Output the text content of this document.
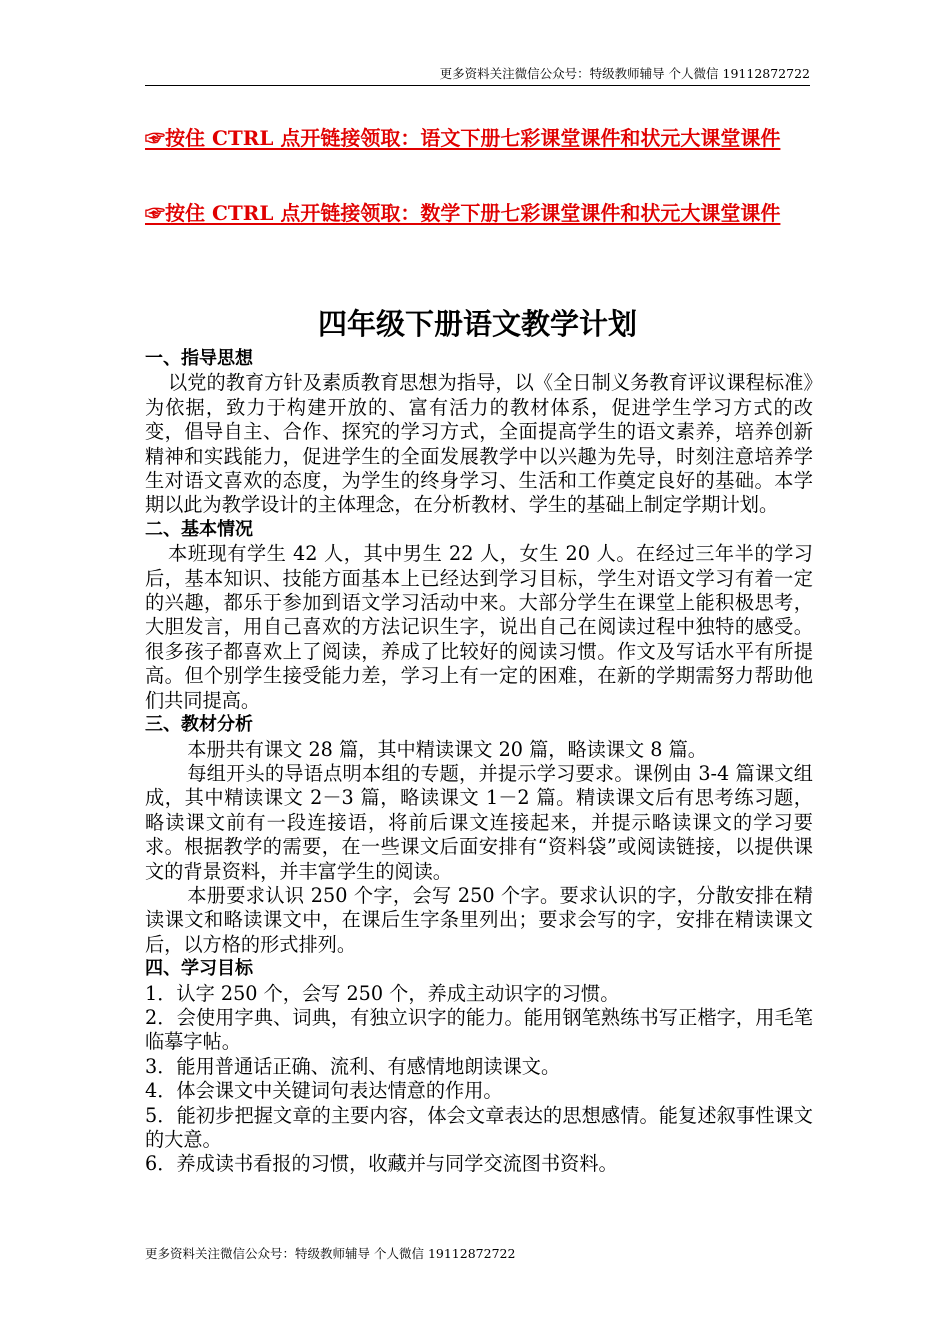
更多资料关注微信公众号：特级教师辅导 个人微信 19112872722
☞按住 CTRL 点开链接领取：语文下册七彩课堂课件和状元大课堂课件
☞按住 CTRL 点开链接领取：数学下册七彩课堂课件和状元大课堂课件
四年级下册语文教学计划
一、指导思想

以党的教育方针及素质教育思想为指导，以《全日制义务教育评议课程标准》为依据，致力于构建开放的、富有活力的教材体系，促进学生学习方式的改变，倡导自主、合作、探究的学习方式，全面提高学生的语文素养，培养创新精神和实践能力，促进学生的全面发展教学中以兴趣为先导，时刻注意培养学生对语文喜欢的态度，为学生的终身学习、生活和工作奠定良好的基础。本学期以此为教学设计的主体理念，在分析教材、学生的基础上制定学期计划。

二、基本情况

本班现有学生 42 人，其中男生 22 人，女生 20 人。在经过三年半的学习后，基本知识、技能方面基本上已经达到学习目标，学生对语文学习有着一定的兴趣，都乐于参加到语文学习活动中来。大部分学生在课堂上能积极思考，大胆发言，用自己喜欢的方法记识生字，说出自己在阅读过程中独特的感受。很多孩子都喜欢上了阅读，养成了比较好的阅读习惯。作文及写话水平有所提高。但个别学生接受能力差，学习上有一定的困难，在新的学期需努力帮助他们共同提高。

三、教材分析

本册共有课文 28 篇，其中精读课文 20 篇，略读课文 8 篇。

每组开头的导语点明本组的专题，并提示学习要求。课例由 3-4 篇课文组成，其中精读课文 2－3 篇，略读课文 1－2 篇。精读课文后有思考练习题，略读课文前有一段连接语，将前后课文连接起来，并提示略读课文的学习要求。根据教学的需要，在一些课文后面安排有“资料袋”或阅读链接，以提供课文的背景资料，并丰富学生的阅读。

本册要求认识 250 个字，会写 250 个字。要求认识的字，分散安排在精读课文和略读课文中，在课后生字条里列出；要求会写的字，安排在精读课文后，以方格的形式排列。

四、学习目标

1．认字 250 个，会写 250 个，养成主动识字的习惯。

2．会使用字典、词典，有独立识字的能力。能用钢笔熟练书写正楷字，用毛笔临摹字帖。

3．能用普通话正确、流利、有感情地朗读课文。

4．体会课文中关键词句表达情意的作用。

5．能初步把握文章的主要内容，体会文章表达的思想感情。能复述叙事性课文的大意。

6．养成读书看报的习惯，收藏并与同学交流图书资料。

更多资料关注微信公众号：特级教师辅导 个人微信 19112872722
